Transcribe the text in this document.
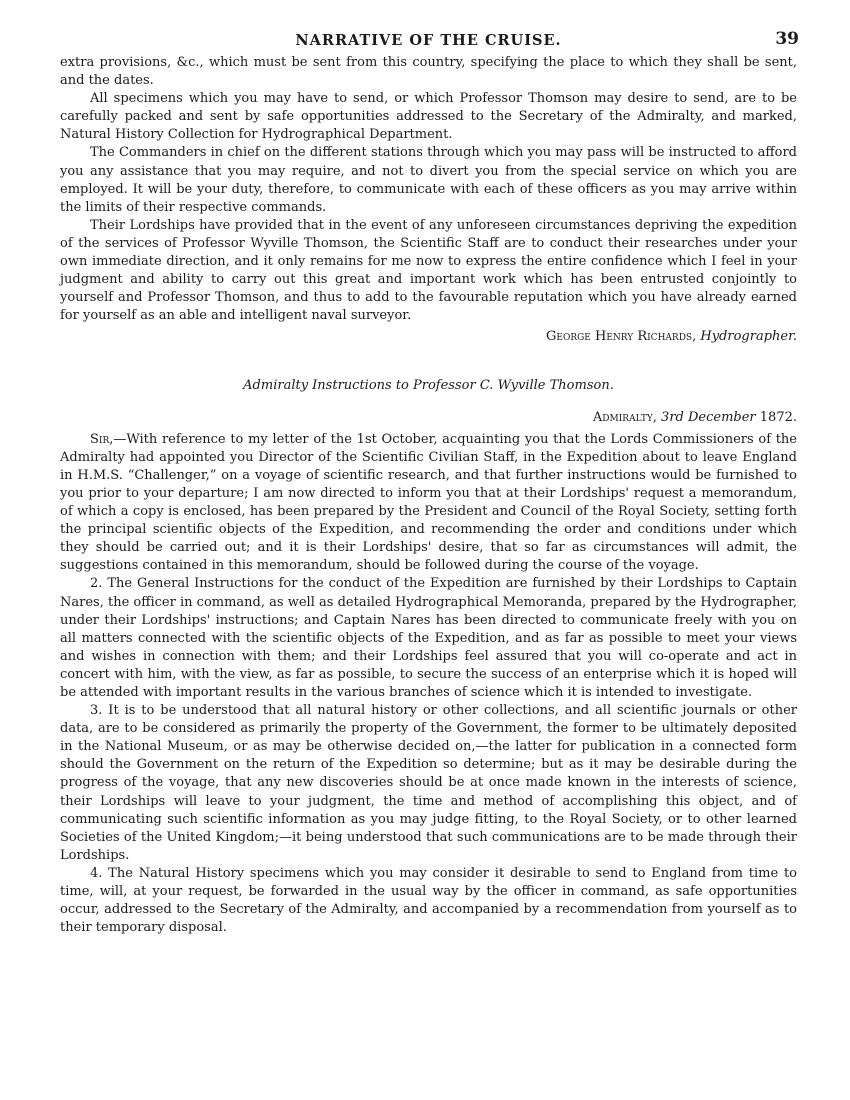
NARRATIVE OF THE CRUISE.	39

extra provisions, &c., which must be sent from this country, specifying the place to which they shall be sent, and the dates.

All specimens which you may have to send, or which Professor Thomson may desire to send, are to be carefully packed and sent by safe opportunities addressed to the Secretary of the Admiralty, and marked, Natural History Collection for Hydrographical Department.

The Commanders in chief on the different stations through which you may pass will be instructed to afford you any assistance that you may require, and not to divert you from the special service on which you are employed. It will be your duty, therefore, to communicate with each of these officers as you may arrive within the limits of their respective commands.

Their Lordships have provided that in the event of any unforeseen circumstances depriving the expedition of the services of Professor Wyville Thomson, the Scientific Staff are to conduct their researches under your own immediate direction, and it only remains for me now to express the entire confidence which I feel in your judgment and ability to carry out this great and important work which has been entrusted conjointly to yourself and Professor Thomson, and thus to add to the favourable reputation which you have already earned for yourself as an able and intelligent naval surveyor.

George Henry Richards, Hydrographer.
Admiralty Instructions to Professor C. Wyville Thomson.
Admiralty, 3rd December 1872.

Sir,—With reference to my letter of the 1st October, acquainting you that the Lords Commissioners of the Admiralty had appointed you Director of the Scientific Civilian Staff, in the Expedition about to leave England in H.M.S. “Challenger,” on a voyage of scientific research, and that further instructions would be furnished to you prior to your departure; I am now directed to inform you that at their Lordships' request a memorandum, of which a copy is enclosed, has been prepared by the President and Council of the Royal Society, setting forth the principal scientific objects of the Expedition, and recommending the order and conditions under which they should be carried out; and it is their Lordships' desire, that so far as circumstances will admit, the suggestions contained in this memorandum, should be followed during the course of the voyage.

2. The General Instructions for the conduct of the Expedition are furnished by their Lordships to Captain Nares, the officer in command, as well as detailed Hydrographical Memoranda, prepared by the Hydrographer, under their Lordships' instructions; and Captain Nares has been directed to communicate freely with you on all matters connected with the scientific objects of the Expedition, and as far as possible to meet your views and wishes in connection with them; and their Lordships feel assured that you will co-operate and act in concert with him, with the view, as far as possible, to secure the success of an enterprise which it is hoped will be attended with important results in the various branches of science which it is intended to investigate.

3. It is to be understood that all natural history or other collections, and all scientific journals or other data, are to be considered as primarily the property of the Government, the former to be ultimately deposited in the National Museum, or as may be otherwise decided on,—the latter for publication in a connected form should the Government on the return of the Expedition so determine; but as it may be desirable during the progress of the voyage, that any new discoveries should be at once made known in the interests of science, their Lordships will leave to your judgment, the time and method of accomplishing this object, and of communicating such scientific information as you may judge fitting, to the Royal Society, or to other learned Societies of the United Kingdom;—it being understood that such communications are to be made through their Lordships.

4. The Natural History specimens which you may consider it desirable to send to England from time to time, will, at your request, be forwarded in the usual way by the officer in command, as safe opportunities occur, addressed to the Secretary of the Admiralty, and accompanied by a recommendation from yourself as to their temporary disposal.
